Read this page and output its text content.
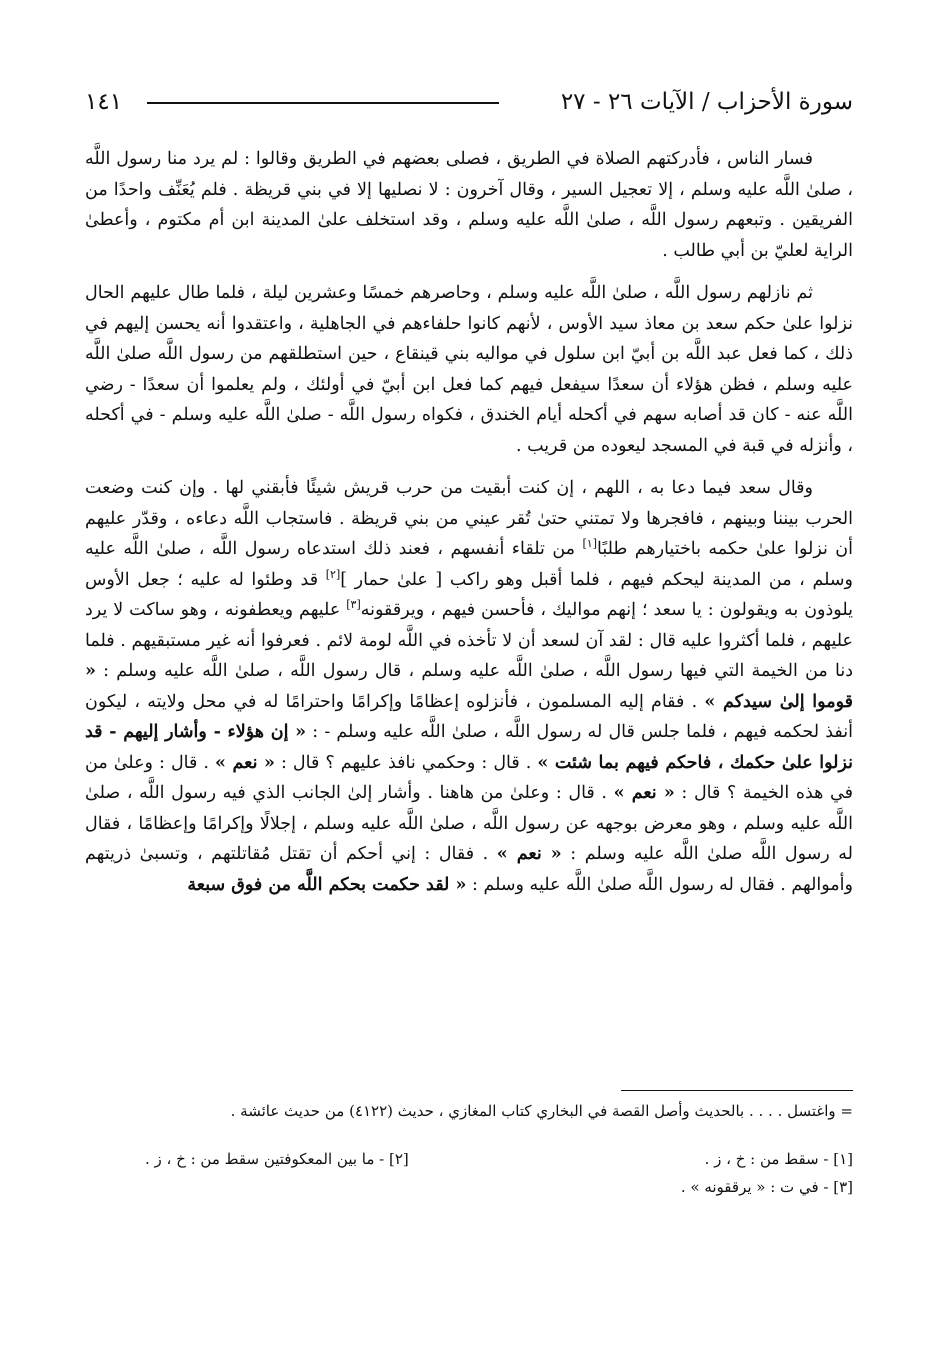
سورة الأحزاب / الآيات ٢٦ - ٢٧
١٤١

فسار الناس ، فأدركتهم الصلاة في الطريق ، فصلى بعضهم في الطريق وقالوا : لم يرد منا رسول اللَّه ، صلىٰ اللَّه عليه وسلم ، إلا تعجيل السير ، وقال آخرون : لا نصليها إلا في بني قريظة . فلم يُعَنِّف واحدًا من الفريقين . وتبعهم رسول اللَّه ، صلىٰ اللَّه عليه وسلم ، وقد استخلف علىٰ المدينة ابن أم مكتوم ، وأعطىٰ الراية لعليّ بن أبي طالب .

ثم نازلهم رسول اللَّه ، صلىٰ اللَّه عليه وسلم ، وحاصرهم خمسًا وعشرين ليلة ، فلما طال عليهم الحال نزلوا علىٰ حكم سعد بن معاذ سيد الأوس ، لأنهم كانوا حلفاءهم في الجاهلية ، واعتقدوا أنه يحسن إليهم في ذلك ، كما فعل عبد اللَّه بن أبيّ ابن سلول في مواليه بني قينقاع ، حين استطلقهم من رسول اللَّه صلىٰ اللَّه عليه وسلم ، فظن هؤلاء أن سعدًا سيفعل فيهم كما فعل ابن أبيّ في أولئك ، ولم يعلموا أن سعدًا - رضي اللَّه عنه - كان قد أصابه سهم في أكحله أيام الخندق ، فكواه رسول اللَّه - صلىٰ اللَّه عليه وسلم - في أكحله ، وأنزله في قبة في المسجد ليعوده من قريب .

وقال سعد فيما دعا به ، اللهم ، إن كنت أبقيت من حرب قريش شيئًا فأبقني لها . وإن كنت وضعت الحرب بيننا وبينهم ، فافجرها ولا تمتني حتىٰ تُقر عيني من بني قريظة . فاستجاب اللَّه دعاءه ، وقدّر عليهم أن نزلوا علىٰ حكمه باختيارهم طلبًا[١] من تلقاء أنفسهم ، فعند ذلك استدعاه رسول اللَّه ، صلىٰ اللَّه عليه وسلم ، من المدينة ليحكم فيهم ، فلما أقبل وهو راكب [ علىٰ حمار ][٢] قد وطئوا له عليه ؛ جعل الأوس يلوذون به ويقولون : يا سعد ؛ إنهم مواليك ، فأحسن فيهم ، ويرققونه[٣] عليهم ويعطفونه ، وهو ساكت لا يرد عليهم ، فلما أكثروا عليه قال : لقد آن لسعد أن لا تأخذه في اللَّه لومة لائم . فعرفوا أنه غير مستبقيهم . فلما دنا من الخيمة التي فيها رسول اللَّه ، صلىٰ اللَّه عليه وسلم ، قال رسول اللَّه ، صلىٰ اللَّه عليه وسلم : « قوموا إلىٰ سيدكم » . فقام إليه المسلمون ، فأنزلوه إعظامًا وإكرامًا واحترامًا له في محل ولايته ، ليكون أنفذ لحكمه فيهم ، فلما جلس قال له رسول اللَّه ، صلىٰ اللَّه عليه وسلم - : « إن هؤلاء - وأشار إليهم - قد نزلوا علىٰ حكمك ، فاحكم فيهم بما شئت » . قال : وحكمي نافذ عليهم ؟ قال : « نعم » . قال : وعلىٰ من في هذه الخيمة ؟ قال : « نعم » . قال : وعلىٰ من هاهنا . وأشار إلىٰ الجانب الذي فيه رسول اللَّه ، صلىٰ اللَّه عليه وسلم ، وهو معرض بوجهه عن رسول اللَّه ، صلىٰ اللَّه عليه وسلم ، إجلالًا وإكرامًا وإعظامًا ، فقال له رسول اللَّه صلىٰ اللَّه عليه وسلم : « نعم » . فقال : إني أحكم أن تقتل مُقاتلتهم ، وتسبىٰ ذريتهم وأموالهم . فقال له رسول اللَّه صلىٰ اللَّه عليه وسلم : « لقد حكمت بحكم اللَّه من فوق سبعة

= واغتسل . . . . بالحديث وأصل القصة في البخاري كتاب المغازي ، حديث (٤١٢٢) من حديث عائشة .
[١] - سقط من : خ ، ز .
[٢] - ما بين المعكوفتين سقط من : خ ، ز .
[٣] - في ت : « يرققونه » .
